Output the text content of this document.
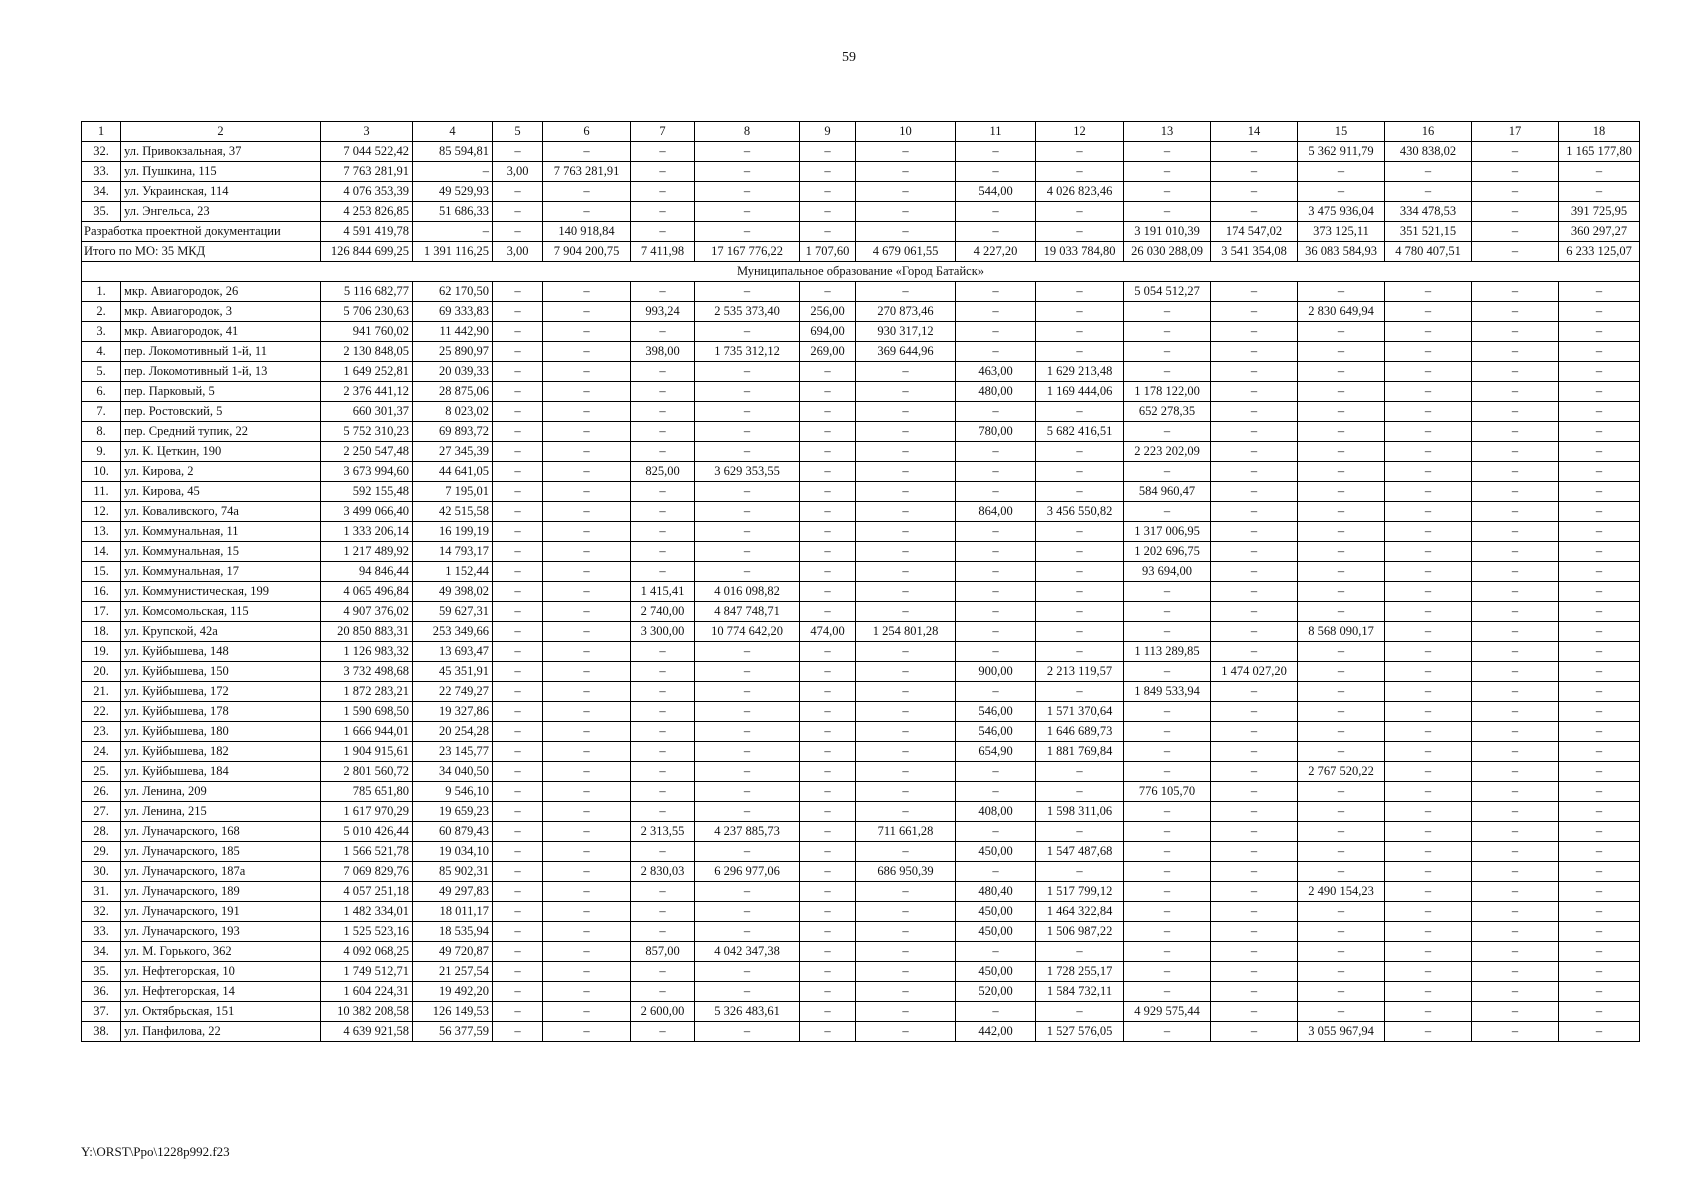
59
1	2	3	4	5	6	7	8	9	10	11	12	13	14	15	16	17	18
32.	ул. Привокзальная, 37	7 044 522,42	85 594,81	–	–	–	–	–	–	–	–	–	–	5 362 911,79	430 838,02	–	1 165 177,80
33.	ул. Пушкина, 115	7 763 281,91	–	3,00	7 763 281,91	–	–	–	–	–	–	–	–	–	–	–	–
34.	ул. Украинская, 114	4 076 353,39	49 529,93	–	–	–	–	–	–	544,00	4 026 823,46	–	–	–	–	–	–
35.	ул. Энгельса, 23	4 253 826,85	51 686,33	–	–	–	–	–	–	–	–	–	–	3 475 936,04	334 478,53	–	391 725,95
Разработка проектной документации		4 591 419,78	–	–	140 918,84	–	–	–	–	–	–	3 191 010,39	174 547,02	373 125,11	351 521,15	–	360 297,27
Итого по МО: 35 МКД		126 844 699,25	1 391 116,25	3,00	7 904 200,75	7 411,98	17 167 776,22	1 707,60	4 679 061,55	4 227,20	19 033 784,80	26 030 288,09	3 541 354,08	36 083 584,93	4 780 407,51	–	6 233 125,07
Муниципальное образование «Город Батайск»																	
1.	мкр. Авиагородок, 26	5 116 682,77	62 170,50	–	–	–	–	–	–	–	–	5 054 512,27	–	–	–	–	–
2.	мкр. Авиагородок, 3	5 706 230,63	69 333,83	–	–	993,24	2 535 373,40	256,00	270 873,46	–	–	–	–	2 830 649,94	–	–	–
3.	мкр. Авиагородок, 41	941 760,02	11 442,90	–	–	–	–	694,00	930 317,12	–	–	–	–	–	–	–	–
4.	пер. Локомотивный 1-й, 11	2 130 848,05	25 890,97	–	–	398,00	1 735 312,12	269,00	369 644,96	–	–	–	–	–	–	–	–
5.	пер. Локомотивный 1-й, 13	1 649 252,81	20 039,33	–	–	–	–	–	–	463,00	1 629 213,48	–	–	–	–	–	–
6.	пер. Парковый, 5	2 376 441,12	28 875,06	–	–	–	–	–	–	480,00	1 169 444,06	1 178 122,00	–	–	–	–	–
7.	пер. Ростовский, 5	660 301,37	8 023,02	–	–	–	–	–	–	–	–	652 278,35	–	–	–	–	–
8.	пер. Средний тупик, 22	5 752 310,23	69 893,72	–	–	–	–	–	–	780,00	5 682 416,51	–	–	–	–	–	–
9.	ул. К. Цеткин, 190	2 250 547,48	27 345,39	–	–	–	–	–	–	–	–	2 223 202,09	–	–	–	–	–
10.	ул. Кирова, 2	3 673 994,60	44 641,05	–	–	825,00	3 629 353,55	–	–	–	–	–	–	–	–	–	–
11.	ул. Кирова, 45	592 155,48	7 195,01	–	–	–	–	–	–	–	–	584 960,47	–	–	–	–	–
12.	ул. Коваливского, 74а	3 499 066,40	42 515,58	–	–	–	–	–	–	864,00	3 456 550,82	–	–	–	–	–	–
13.	ул. Коммунальная, 11	1 333 206,14	16 199,19	–	–	–	–	–	–	–	–	1 317 006,95	–	–	–	–	–
14.	ул. Коммунальная, 15	1 217 489,92	14 793,17	–	–	–	–	–	–	–	–	1 202 696,75	–	–	–	–	–
15.	ул. Коммунальная, 17	94 846,44	1 152,44	–	–	–	–	–	–	–	–	93 694,00	–	–	–	–	–
16.	ул. Коммунистическая, 199	4 065 496,84	49 398,02	–	–	1 415,41	4 016 098,82	–	–	–	–	–	–	–	–	–	–
17.	ул. Комсомольская, 115	4 907 376,02	59 627,31	–	–	2 740,00	4 847 748,71	–	–	–	–	–	–	–	–	–	–
18.	ул. Крупской, 42а	20 850 883,31	253 349,66	–	–	3 300,00	10 774 642,20	474,00	1 254 801,28	–	–	–	–	8 568 090,17	–	–	–
19.	ул. Куйбышева, 148	1 126 983,32	13 693,47	–	–	–	–	–	–	–	–	1 113 289,85	–	–	–	–	–
20.	ул. Куйбышева, 150	3 732 498,68	45 351,91	–	–	–	–	–	–	900,00	2 213 119,57	–	1 474 027,20	–	–	–	–
21.	ул. Куйбышева, 172	1 872 283,21	22 749,27	–	–	–	–	–	–	–	–	1 849 533,94	–	–	–	–	–
22.	ул. Куйбышева, 178	1 590 698,50	19 327,86	–	–	–	–	–	–	546,00	1 571 370,64	–	–	–	–	–	–
23.	ул. Куйбышева, 180	1 666 944,01	20 254,28	–	–	–	–	–	–	546,00	1 646 689,73	–	–	–	–	–	–
24.	ул. Куйбышева, 182	1 904 915,61	23 145,77	–	–	–	–	–	–	654,90	1 881 769,84	–	–	–	–	–	–
25.	ул. Куйбышева, 184	2 801 560,72	34 040,50	–	–	–	–	–	–	–	–	–	–	2 767 520,22	–	–	–
26.	ул. Ленина, 209	785 651,80	9 546,10	–	–	–	–	–	–	–	–	776 105,70	–	–	–	–	–
27.	ул. Ленина, 215	1 617 970,29	19 659,23	–	–	–	–	–	–	408,00	1 598 311,06	–	–	–	–	–	–
28.	ул. Луначарского, 168	5 010 426,44	60 879,43	–	–	2 313,55	4 237 885,73	–	711 661,28	–	–	–	–	–	–	–	–
29.	ул. Луначарского, 185	1 566 521,78	19 034,10	–	–	–	–	–	–	450,00	1 547 487,68	–	–	–	–	–	–
30.	ул. Луначарского, 187а	7 069 829,76	85 902,31	–	–	2 830,03	6 296 977,06	–	686 950,39	–	–	–	–	–	–	–	–
31.	ул. Луначарского, 189	4 057 251,18	49 297,83	–	–	–	–	–	–	480,40	1 517 799,12	–	–	2 490 154,23	–	–	–
32.	ул. Луначарского, 191	1 482 334,01	18 011,17	–	–	–	–	–	–	450,00	1 464 322,84	–	–	–	–	–	–
33.	ул. Луначарского, 193	1 525 523,16	18 535,94	–	–	–	–	–	–	450,00	1 506 987,22	–	–	–	–	–	–
34.	ул. М. Горького, 362	4 092 068,25	49 720,87	–	–	857,00	4 042 347,38	–	–	–	–	–	–	–	–	–	–
35.	ул. Нефтегорская, 10	1 749 512,71	21 257,54	–	–	–	–	–	–	450,00	1 728 255,17	–	–	–	–	–	–
36.	ул. Нефтегорская, 14	1 604 224,31	19 492,20	–	–	–	–	–	–	520,00	1 584 732,11	–	–	–	–	–	–
37.	ул. Октябрьская, 151	10 382 208,58	126 149,53	–	–	2 600,00	5 326 483,61	–	–	–	–	4 929 575,44	–	–	–	–	–
38.	ул. Панфилова, 22	4 639 921,58	56 377,59	–	–	–	–	–	–	442,00	1 527 576,05	–	–	3 055 967,94	–	–	–
Y:\ORST\Ppo\1228p992.f23
